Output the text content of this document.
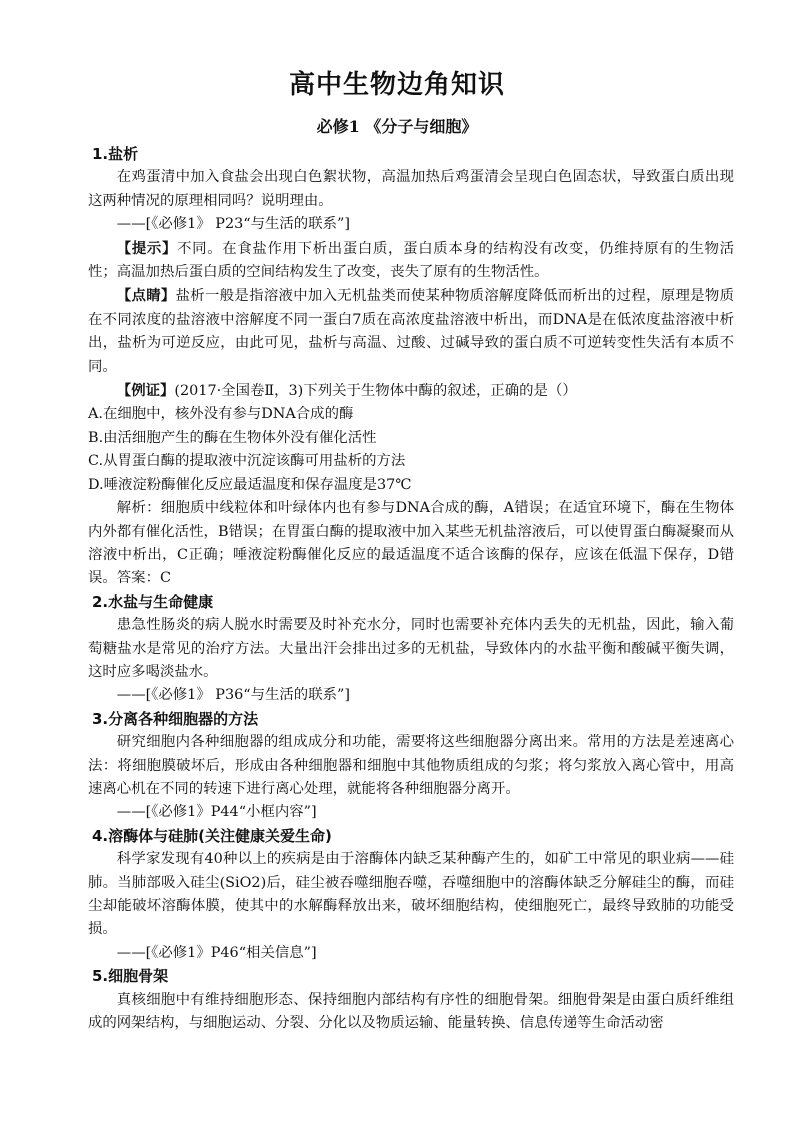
高中生物边角知识
必修1 《分子与细胞》

1.盐析

在鸡蛋清中加入食盐会出现白色絮状物，高温加热后鸡蛋清会呈现白色固态状，导致蛋白质出现这两种情况的原理相同吗？说明理由。

——[《必修1》 P23“与生活的联系”]

【提示】不同。在食盐作用下析出蛋白质，蛋白质本身的结构没有改变，仍维持原有的生物活性；高温加热后蛋白质的空间结构发生了改变，丧失了原有的生物活性。

【点睛】盐析一般是指溶液中加入无机盐类而使某种物质溶解度降低而析出的过程，原理是物质在不同浓度的盐溶液中溶解度不同一蛋白7质在高浓度盐溶液中析出，而DNA是在低浓度盐溶液中析出，盐析为可逆反应，由此可见，盐析与高温、过酸、过碱导致的蛋白质不可逆转变性失活有本质不同。

【例证】(2017·全国卷Ⅱ，3)下列关于生物体中酶的叙述，正确的是（）

A.在细胞中，核外没有参与DNA合成的酶

B.由活细胞产生的酶在生物体外没有催化活性

C.从胃蛋白酶的提取液中沉淀该酶可用盐析的方法

D.唾液淀粉酶催化反应最适温度和保存温度是37℃

解析：细胞质中线粒体和叶绿体内也有参与DNA合成的酶，A错误；在适宜环境下，酶在生物体内外都有催化活性，B错误；在胃蛋白酶的提取液中加入某些无机盐溶液后，可以使胃蛋白酶凝聚而从溶液中析出，C正确；唾液淀粉酶催化反应的最适温度不适合该酶的保存，应该在低温下保存，D错误。答案：C

2.水盐与生命健康

患急性肠炎的病人脱水时需要及时补充水分，同时也需要补充体内丢失的无机盐，因此，输入葡萄糖盐水是常见的治疗方法。大量出汗会排出过多的无机盐，导致体内的水盐平衡和酸碱平衡失调，这时应多喝淡盐水。

——[《必修1》 P36“与生活的联系”]

3.分离各种细胞器的方法

研究细胞内各种细胞器的组成成分和功能，需要将这些细胞器分离出来。常用的方法是差速离心法：将细胞膜破坏后，形成由各种细胞器和细胞中其他物质组成的匀浆；将匀浆放入离心管中，用高速离心机在不同的转速下进行离心处理，就能将各种细胞器分离开。

——[《必修1》P44“小框内容”]

4.溶酶体与硅肺(关注健康关爱生命)

科学家发现有40种以上的疾病是由于溶酶体内缺乏某种酶产生的，如矿工中常见的职业病——硅肺。当肺部吸入硅尘(SiO2)后，硅尘被吞噬细胞吞噬，吞噬细胞中的溶酶体缺乏分解硅尘的酶，而硅尘却能破坏溶酶体膜，使其中的水解酶释放出来，破坏细胞结构，使细胞死亡，最终导致肺的功能受损。

——[《必修1》P46“相关信息”]

5.细胞骨架

真核细胞中有维持细胞形态、保持细胞内部结构有序性的细胞骨架。细胞骨架是由蛋白质纤维组成的网架结构，与细胞运动、分裂、分化以及物质运输、能量转换、信息传递等生命活动密
